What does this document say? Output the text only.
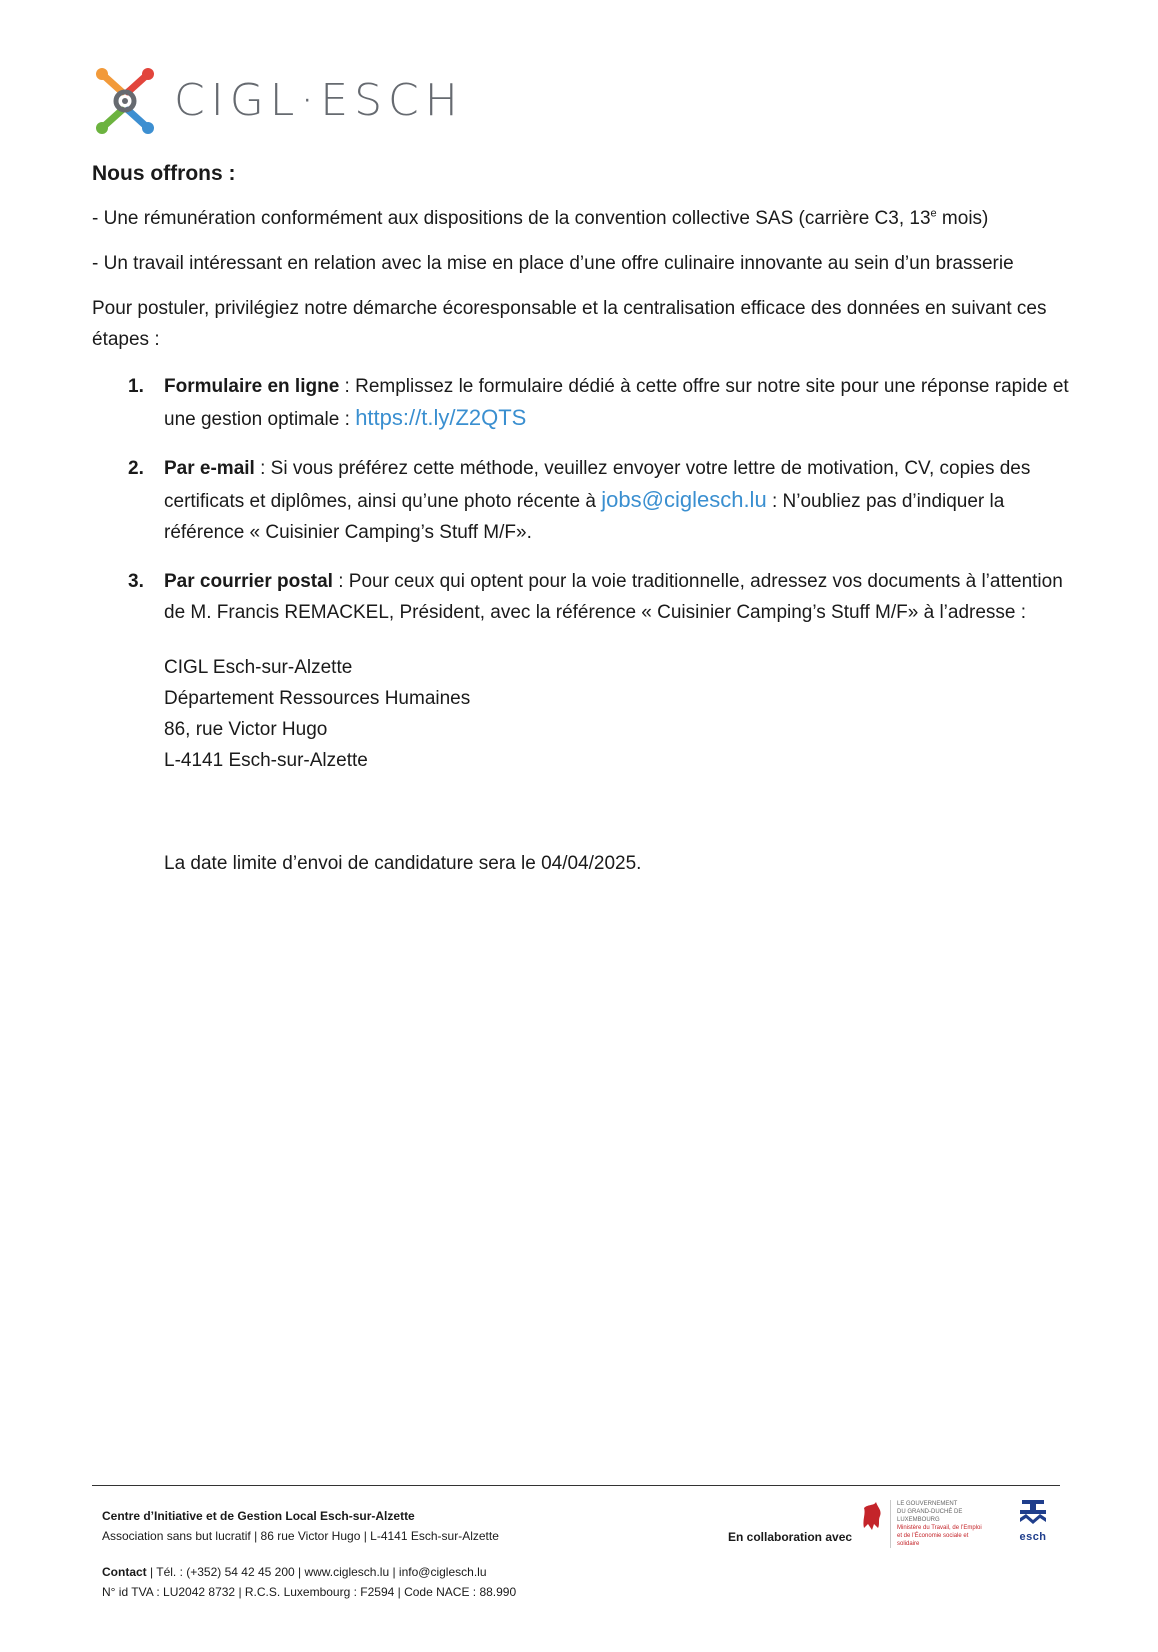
CIGL·ESCH
Nous offrons :

- Une rémunération conformément aux dispositions de la convention collective SAS (carrière C3, 13e mois)

- Un travail intéressant en relation avec la mise en place d’une offre culinaire innovante au sein d’un brasserie

Pour postuler, privilégiez notre démarche écoresponsable et la centralisation efficace des données en suivant ces étapes :

1. Formulaire en ligne : Remplissez le formulaire dédié à cette offre sur notre site pour une réponse rapide et une gestion optimale : https://t.ly/Z2QTS
2. Par e-mail : Si vous préférez cette méthode, veuillez envoyer votre lettre de motivation, CV, copies des certificats et diplômes, ainsi qu’une photo récente à jobs@ciglesch.lu : N’oubliez pas d’indiquer la référence « Cuisinier Camping’s Stuff M/F».
3. Par courrier postal : Pour ceux qui optent pour la voie traditionnelle, adressez vos documents à l’attention de M. Francis REMACKEL, Président, avec la référence « Cuisinier Camping’s Stuff M/F» à l’adresse :
CIGL Esch-sur-Alzette
Département Ressources Humaines
86, rue Victor Hugo
L-4141 Esch-sur-Alzette
La date limite d’envoi de candidature sera le 04/04/2025.
Centre d’Initiative et de Gestion Local Esch-sur-Alzette
Association sans but lucratif | 86 rue Victor Hugo | L-4141 Esch-sur-Alzette
Contact | Tél. : (+352) 54 42 45 200 | www.ciglesch.lu | info@ciglesch.lu
N° id TVA : LU2042 8732 | R.C.S. Luxembourg : F2594 | Code NACE : 88.990
En collaboration avec
LE GOUVERNEMENT
DU GRAND-DUCHÉ DE LUXEMBOURG
Ministère du Travail, de l’Emploi
et de l’Économie sociale et solidaire
esch
